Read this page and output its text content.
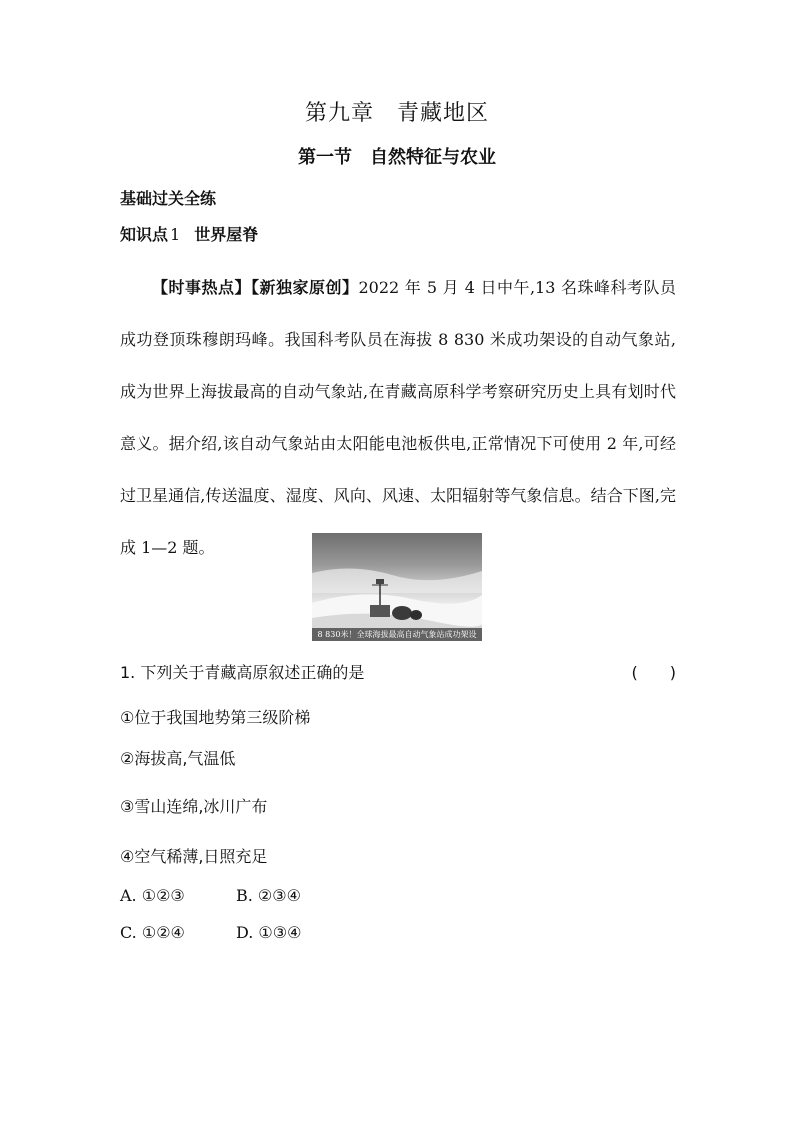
第九章　青藏地区
第一节　自然特征与农业
基础过关全练
知识点 1 世界屋脊
【时事热点】【新独家原创】2022 年 5 月 4 日中午,13 名珠峰科考队员成功登顶珠穆朗玛峰。我国科考队员在海拔 8 830 米成功架设的自动气象站,成为世界上海拔最高的自动气象站,在青藏高原科学考察研究历史上具有划时代意义。据介绍,该自动气象站由太阳能电池板供电,正常情况下可使用 2 年,可经过卫星通信,传送温度、湿度、风向、风速、太阳辐射等气象信息。结合下图,完成 1—2 题。
8 830米！全球海拔最高自动气象站成功架设
1. 下列关于青藏高原叙述正确的是	(　　)
①位于我国地势第三级阶梯
②海拔高,气温低
③雪山连绵,冰川广布
④空气稀薄,日照充足
A. ①②③	B. ②③④
C. ①②④	D. ①③④
